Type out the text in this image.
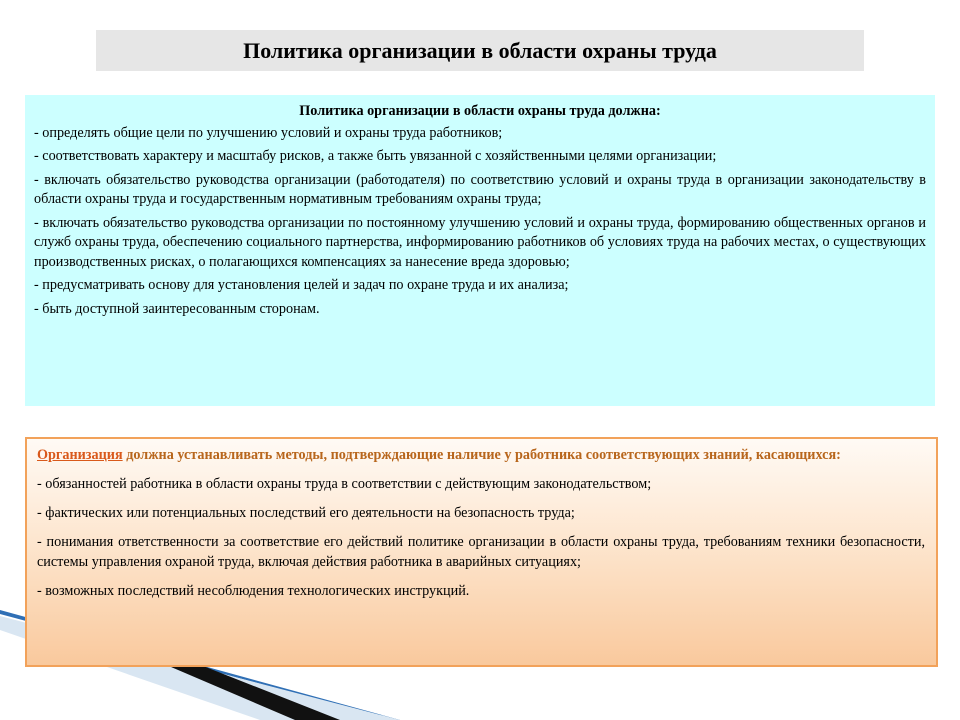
Политика организации в области охраны труда
Политика организации в области охраны труда должна:
- определять общие цели по улучшению условий и охраны труда работников;
- соответствовать характеру и масштабу рисков, а также быть увязанной с хозяйственными целями организации;
- включать обязательство руководства организации (работодателя) по соответствию условий и охраны труда в организации законодательству в области охраны труда и государственным нормативным требованиям охраны труда;
- включать обязательство руководства организации по постоянному улучшению условий и охраны труда, формированию общественных органов и служб охраны труда, обеспечению социального партнерства, информированию работников об условиях труда на рабочих местах, о существующих производственных рисках, о полагающихся компенсациях за нанесение вреда здоровью;
- предусматривать основу для установления целей и задач по охране труда и их анализа;
- быть доступной заинтересованным сторонам.
Организация должна устанавливать методы, подтверждающие наличие у работника соответствующих знаний, касающихся:
- обязанностей работника в области охраны труда в соответствии с действующим законодательством;
- фактических или потенциальных последствий его деятельности на безопасность труда;
- понимания ответственности за соответствие его действий политике организации в области охраны труда, требованиям техники безопасности, системы управления охраной труда, включая действия работника в аварийных ситуациях;
- возможных последствий несоблюдения технологических инструкций.
